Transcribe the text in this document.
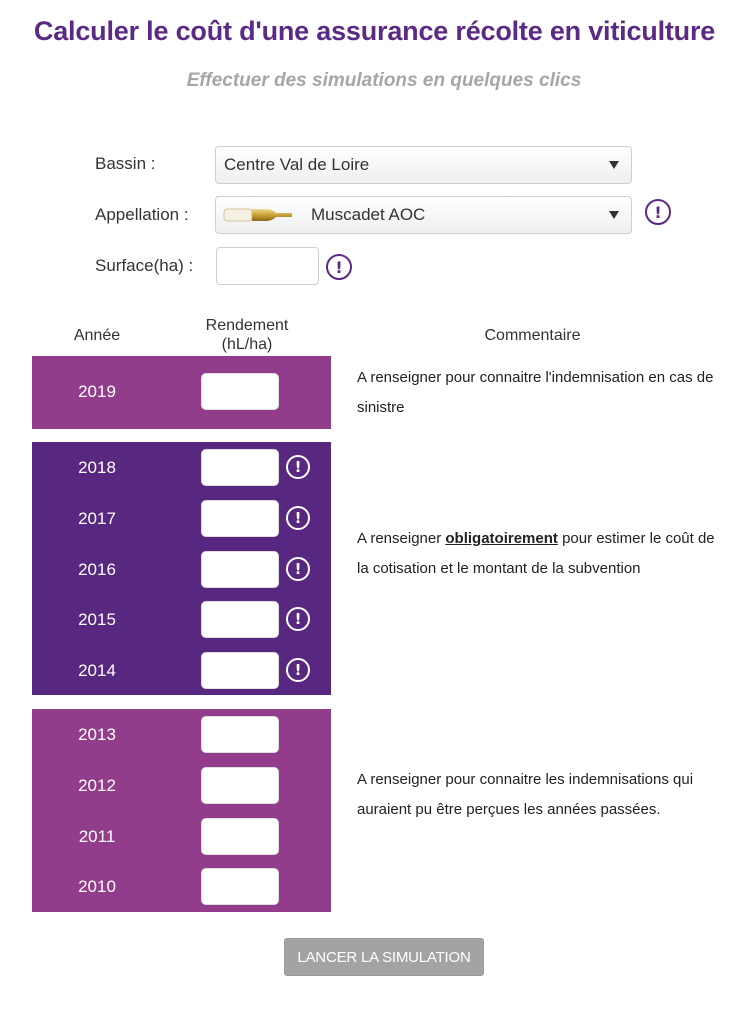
Calculer le coût d'une assurance récolte en viticulture
Effectuer des simulations en quelques clics
Bassin :	Centre Val de Loire
Appellation :	Muscadet AOC	!
Surface(ha) :	!
Année
Rendement
(hL/ha)
Commentaire
2019
A renseigner pour connaitre l'indemnisation en cas de sinistre
2018	!
2017	!
2016	!
2015	!
2014	!
A renseigner obligatoirement pour estimer le coût de la cotisation et le montant de la subvention
2013
2012
2011
2010
A renseigner pour connaitre les indemnisations qui auraient pu être perçues les années passées.
LANCER LA SIMULATION
